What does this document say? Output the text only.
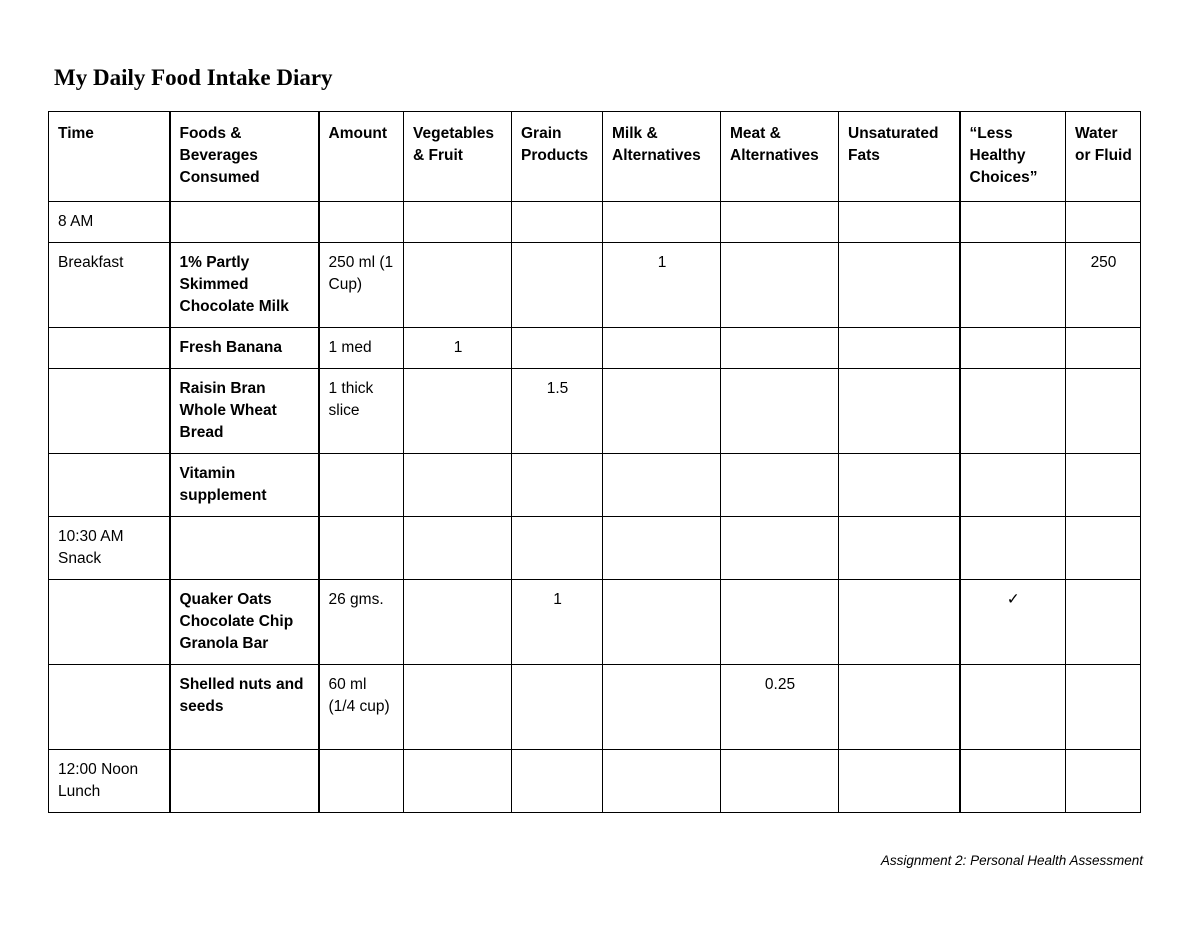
My Daily Food Intake Diary
Time	Foods & Beverages Consumed	Amount	Vegetables & Fruit	Grain Products	Milk & Alternatives	Meat & Alternatives	Unsaturated Fats	“Less Healthy Choices”	Water or Fluid
8 AM									
Breakfast	1% Partly Skimmed Chocolate Milk	250 ml (1 Cup)			1				250
	Fresh Banana	1 med	1						
	Raisin Bran Whole Wheat Bread	1 thick slice		1.5					
	Vitamin supplement								
10:30 AM Snack									
	Quaker Oats Chocolate Chip Granola Bar	26 gms.		1				✓	
	Shelled nuts and seeds	60 ml (1/4 cup)				0.25			
12:00 Noon Lunch									
Assignment 2: Personal Health Assessment
